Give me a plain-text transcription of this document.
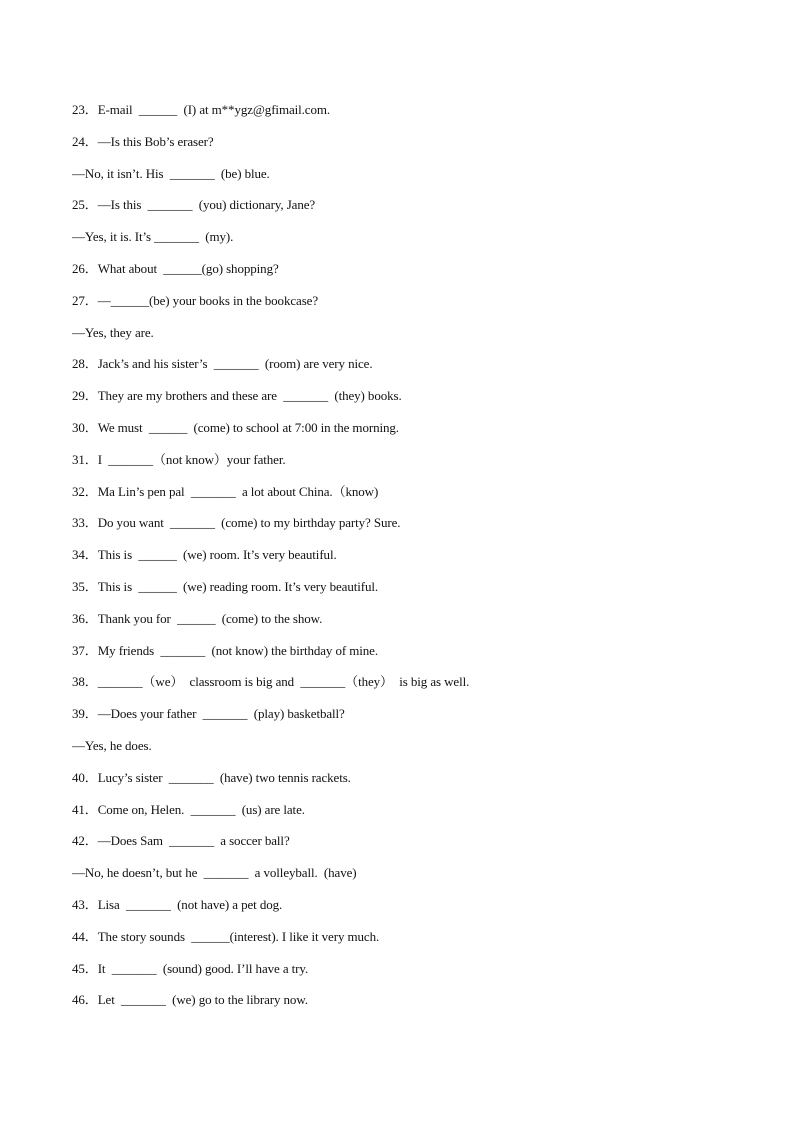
23．E-mail  ______  (I) at m**ygz@gfimail.com.
24．—Is this Bob’s eraser?
—No, it isn’t. His  _______  (be) blue.
25．—Is this  _______  (you) dictionary, Jane?
—Yes, it is. It’s _______  (my).
26．What about  ______(go) shopping?
27．—______(be) your books in the bookcase?
—Yes, they are.
28．Jack’s and his sister’s  _______  (room) are very nice.
29．They are my brothers and these are  _______  (they) books.
30．We must  ______  (come) to school at 7:00 in the morning.
31．I  _______（not know）your father.
32．Ma Lin’s pen pal  _______  a lot about China.（know)
33．Do you want  _______  (come) to my birthday party? Sure.
34．This is  ______  (we) room. It’s very beautiful.
35．This is  ______  (we) reading room. It’s very beautiful.
36．Thank you for  ______  (come) to the show.
37．My friends  _______  (not know) the birthday of mine.
38．_______（we）  classroom is big and  _______（they）  is big as well.
39．—Does your father  _______  (play) basketball?
—Yes, he does.
40．Lucy’s sister  _______  (have) two tennis rackets.
41．Come on, Helen.  _______  (us) are late.
42．—Does Sam  _______  a soccer ball?
—No, he doesn’t, but he  _______  a volleyball.  (have)
43．Lisa  _______  (not have) a pet dog.
44．The story sounds  ______(interest). I like it very much.
45．It  _______  (sound) good. I’ll have a try.
46．Let  _______  (we) go to the library now.
